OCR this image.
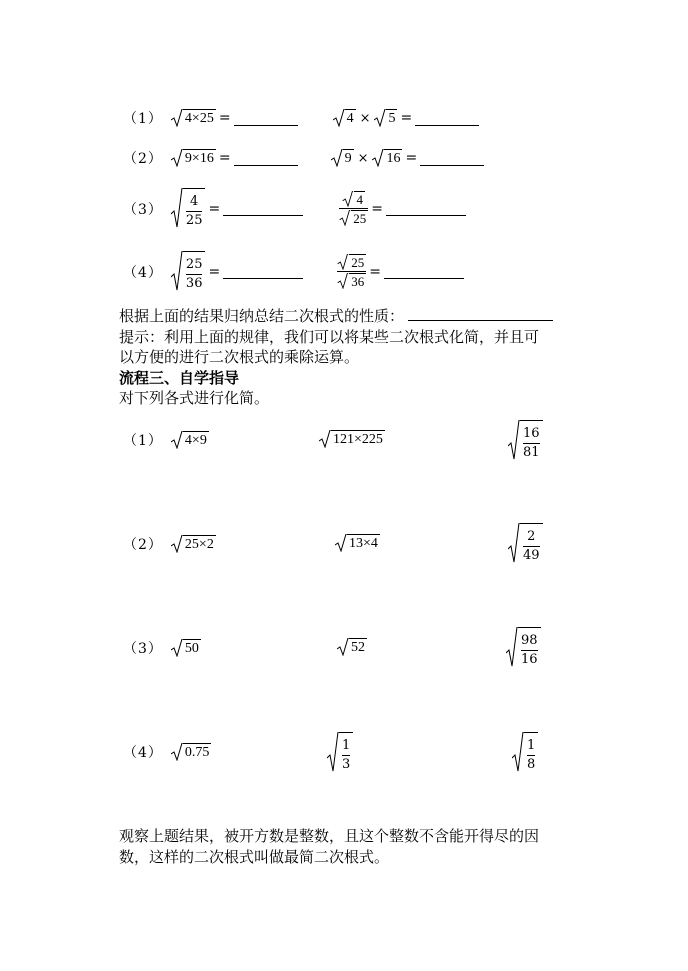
（1） 4×25 =	4 × 5 =
（2） 9×16 =	9 × 16 =
$(3) \frac{4}{25}$ =	$\frac{4}{25}$ =
$(4) \frac{25}{36}$ =	$\frac{25}{36}$ =
根据上面的结果归纳总结二次根式的性质：
提示：利用上面的规律，我们可以将某些二次根式化简，并且可
以方便的进行二次根式的乘除运算。
流程三、自学指导
对下列各式进行化简。
（1） 4×9	121×225	$\frac{16}{81}$
（2） 25×2	13×4	$\frac{2}{49}$
（3） 50	52	$\frac{98}{16}$
（4） 0.75	$\frac{1}{3}$	$\frac{1}{8}$
观察上题结果，被开方数是整数，且这个整数不含能开得尽的因
数，这样的二次根式叫做最简二次根式。
